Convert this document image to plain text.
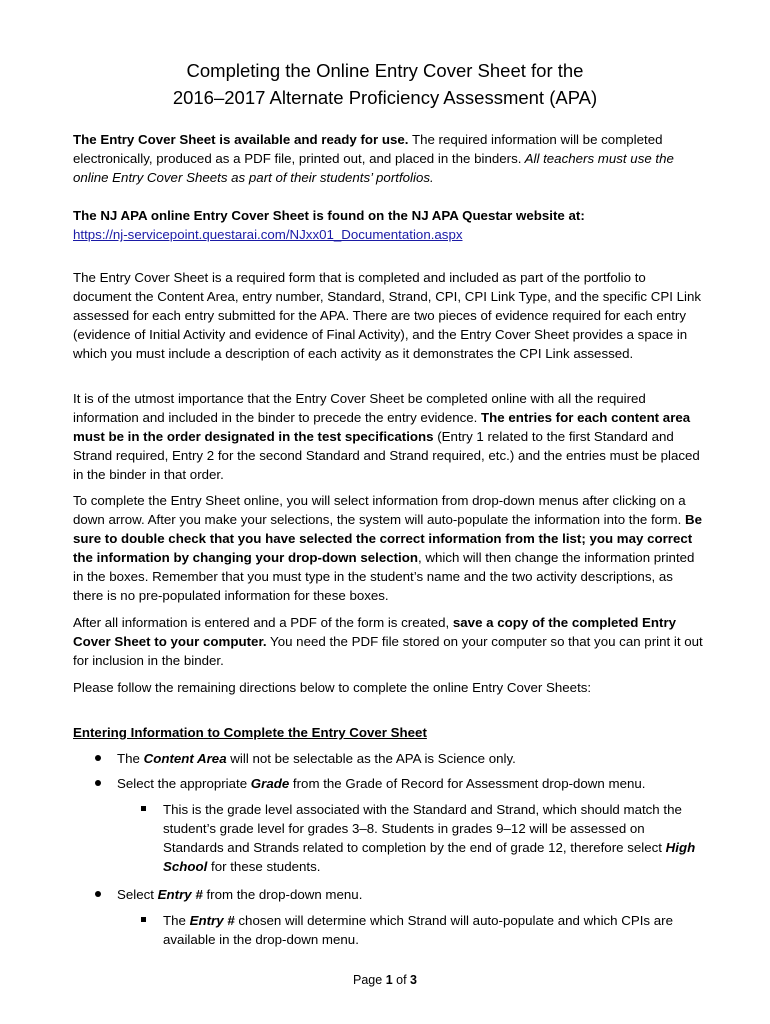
Completing the Online Entry Cover Sheet for the
2016–2017 Alternate Proficiency Assessment (APA)
The Entry Cover Sheet is available and ready for use. The required information will be completed electronically, produced as a PDF file, printed out, and placed in the binders. All teachers must use the online Entry Cover Sheets as part of their students’ portfolios.
The NJ APA online Entry Cover Sheet is found on the NJ APA Questar website at:
https://nj-servicepoint.questarai.com/NJxx01_Documentation.aspx
The Entry Cover Sheet is a required form that is completed and included as part of the portfolio to document the Content Area, entry number, Standard, Strand, CPI, CPI Link Type, and the specific CPI Link assessed for each entry submitted for the APA. There are two pieces of evidence required for each entry (evidence of Initial Activity and evidence of Final Activity), and the Entry Cover Sheet provides a space in which you must include a description of each activity as it demonstrates the CPI Link assessed.
It is of the utmost importance that the Entry Cover Sheet be completed online with all the required information and included in the binder to precede the entry evidence. The entries for each content area must be in the order designated in the test specifications (Entry 1 related to the first Standard and Strand required, Entry 2 for the second Standard and Strand required, etc.) and the entries must be placed in the binder in that order.
To complete the Entry Sheet online, you will select information from drop-down menus after clicking on a down arrow. After you make your selections, the system will auto-populate the information into the form. Be sure to double check that you have selected the correct information from the list; you may correct the information by changing your drop-down selection, which will then change the information printed in the boxes. Remember that you must type in the student’s name and the two activity descriptions, as there is no pre-populated information for these boxes.
After all information is entered and a PDF of the form is created, save a copy of the completed Entry Cover Sheet to your computer. You need the PDF file stored on your computer so that you can print it out for inclusion in the binder.
Please follow the remaining directions below to complete the online Entry Cover Sheets:
Entering Information to Complete the Entry Cover Sheet
The Content Area will not be selectable as the APA is Science only.
Select the appropriate Grade from the Grade of Record for Assessment drop-down menu.
This is the grade level associated with the Standard and Strand, which should match the student’s grade level for grades 3–8. Students in grades 9–12 will be assessed on Standards and Strands related to completion by the end of grade 12, therefore select High School for these students.
Select Entry # from the drop-down menu.
The Entry # chosen will determine which Strand will auto-populate and which CPIs are available in the drop-down menu.
Page 1 of 3
